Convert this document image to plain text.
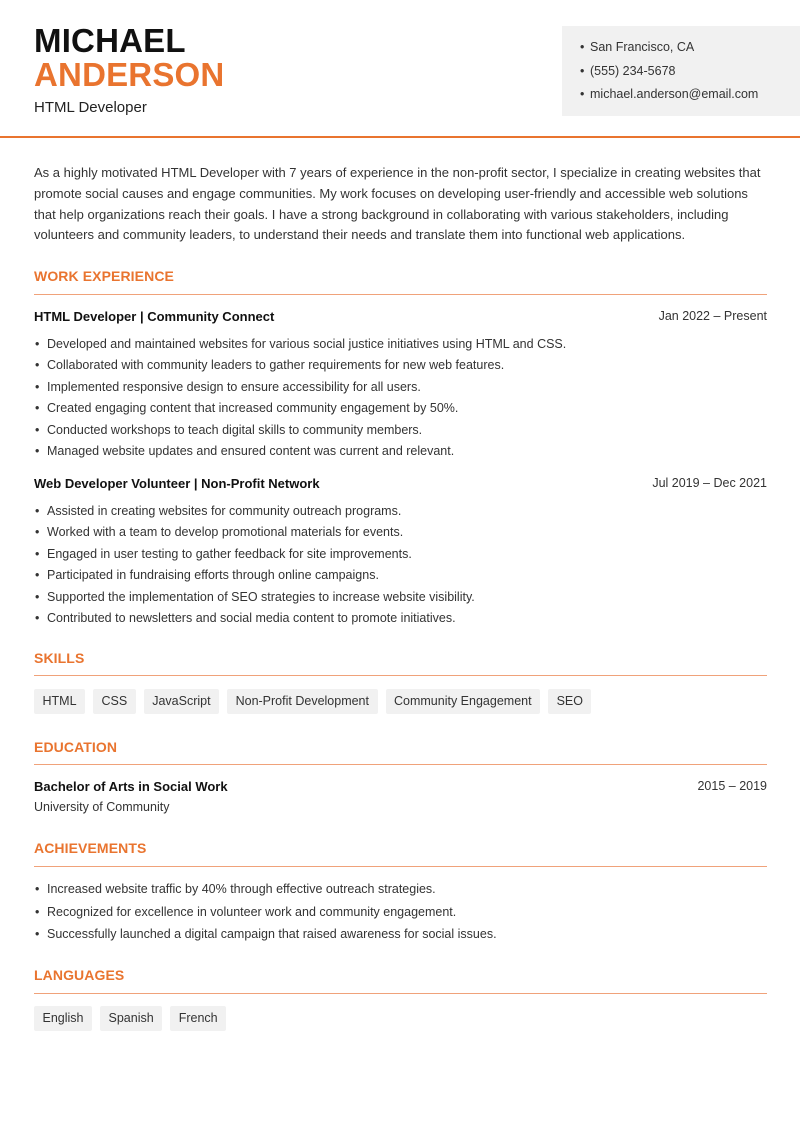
MICHAEL
ANDERSON
HTML Developer
• San Francisco, CA
• (555) 234-5678
• michael.anderson@email.com

As a highly motivated HTML Developer with 7 years of experience in the non-profit sector, I specialize in creating websites that promote social causes and engage communities. My work focuses on developing user-friendly and accessible web solutions that help organizations reach their goals. I have a strong background in collaborating with various stakeholders, including volunteers and community leaders, to understand their needs and translate them into functional web applications.

WORK EXPERIENCE
HTML Developer | Community Connect	Jan 2022 – Present
• Developed and maintained websites for various social justice initiatives using HTML and CSS.
• Collaborated with community leaders to gather requirements for new web features.
• Implemented responsive design to ensure accessibility for all users.
• Created engaging content that increased community engagement by 50%.
• Conducted workshops to teach digital skills to community members.
• Managed website updates and ensured content was current and relevant.
Web Developer Volunteer | Non-Profit Network	Jul 2019 – Dec 2021
• Assisted in creating websites for community outreach programs.
• Worked with a team to develop promotional materials for events.
• Engaged in user testing to gather feedback for site improvements.
• Participated in fundraising efforts through online campaigns.
• Supported the implementation of SEO strategies to increase website visibility.
• Contributed to newsletters and social media content to promote initiatives.
SKILLS
HTML	CSS	JavaScript	Non-Profit Development	Community Engagement	SEO
EDUCATION
Bachelor of Arts in Social Work	2015 – 2019
University of Community
ACHIEVEMENTS
• Increased website traffic by 40% through effective outreach strategies.
• Recognized for excellence in volunteer work and community engagement.
• Successfully launched a digital campaign that raised awareness for social issues.
LANGUAGES
English	Spanish	French
